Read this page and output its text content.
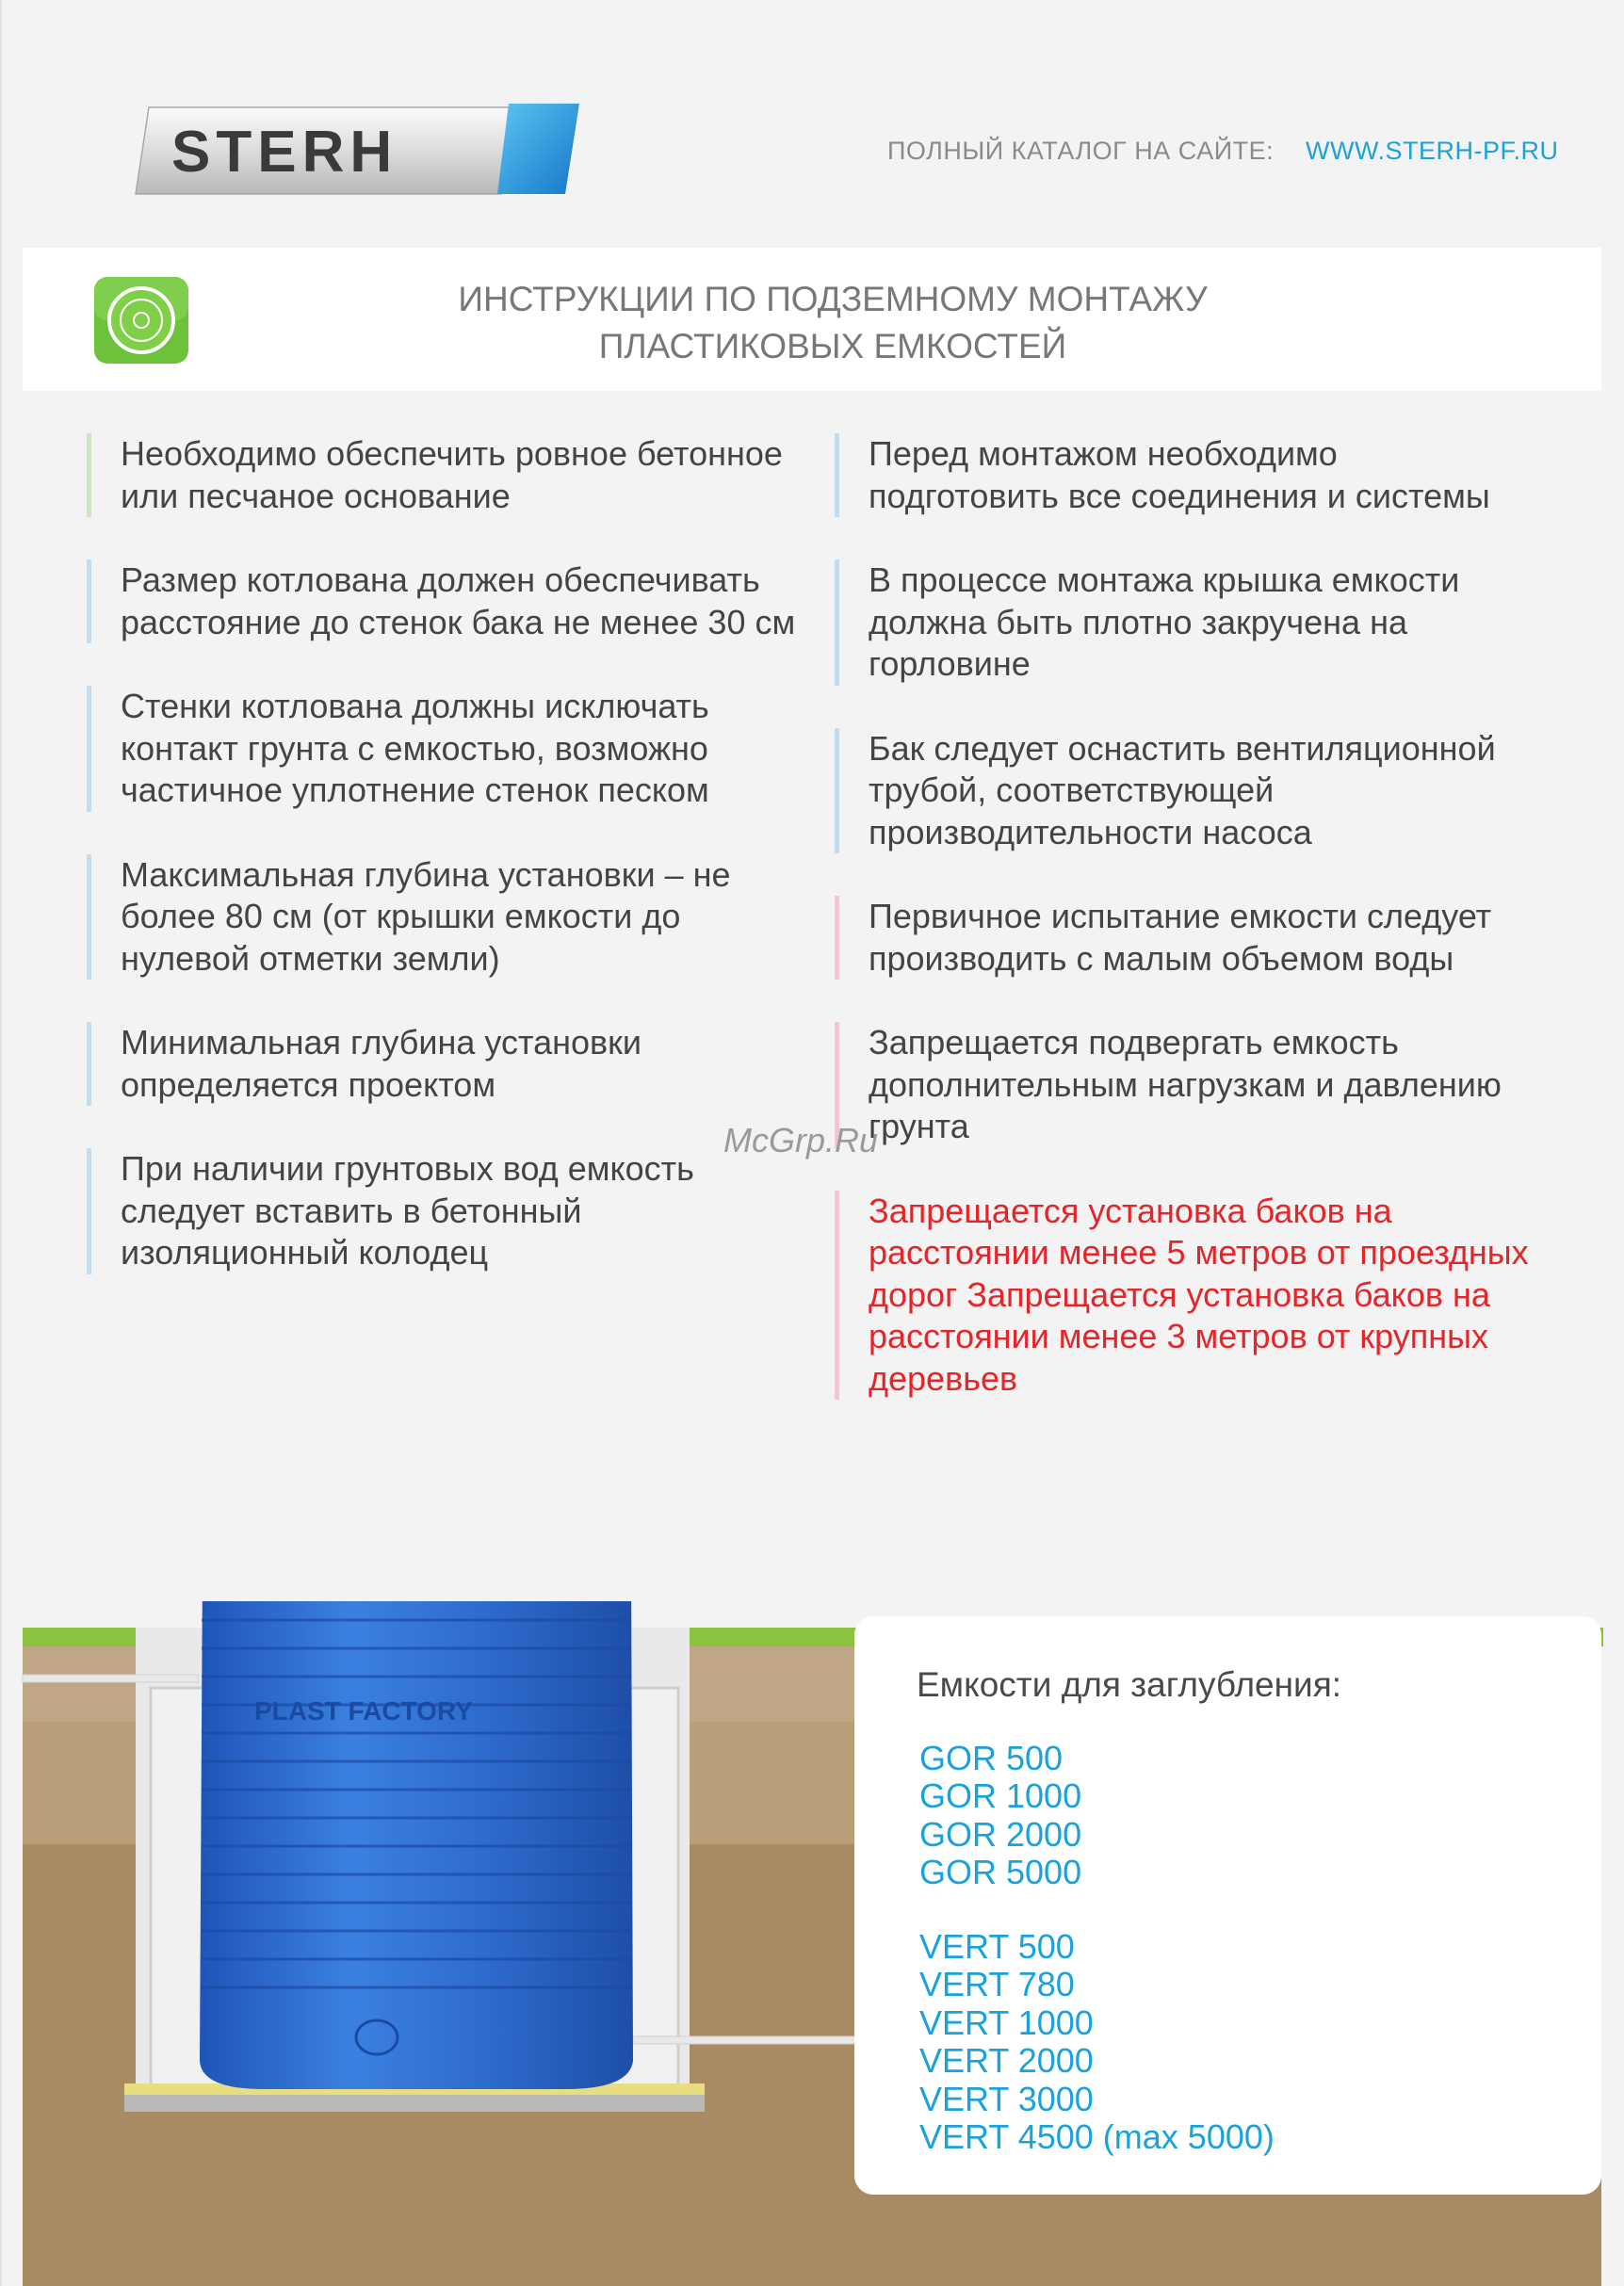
STERH	ПОЛНЫЙ КАТАЛОГ НА САЙТЕ: WWW.STERH-PF.RU
ИНСТРУКЦИИ ПО ПОДЗЕМНОМУ МОНТАЖУ
ПЛАСТИКОВЫХ ЕМКОСТЕЙ
Необходимо обеспечить ровное бетонное или песчаное основание
Размер котлована должен обеспечивать расстояние до стенок бака не менее 30 см
Стенки котлована должны исключать контакт грунта с емкостью, возможно частичное уплотнение стенок песком
Максимальная глубина установки – не более 80 см (от крышки емкости до нулевой отметки земли)
Минимальная глубина установки определяется проектом
При наличии грунтовых вод емкость следует вставить в бетонный изоляционный колодец
Перед монтажом необходимо подготовить все соединения и системы
В процессе монтажа крышка емкости должна быть плотно закручена на горловине
Бак следует оснастить вентиляционной трубой, соответствующей производительности насоса
Первичное испытание емкости следует производить с малым объемом воды
Запрещается подвергать емкость дополнительным нагрузкам и давлению грунта
Запрещается установка баков на расстоянии менее 5 метров от проездных дорог Запрещается установка баков на расстоянии менее 3 метров от крупных деревьев
McGrp.Ru
PLAST FACTORY
Емкости для заглубления:
GOR 500
GOR 1000
GOR 2000
GOR 5000
VERT 500
VERT 780
VERT 1000
VERT 2000
VERT 3000
VERT 4500 (max 5000)
